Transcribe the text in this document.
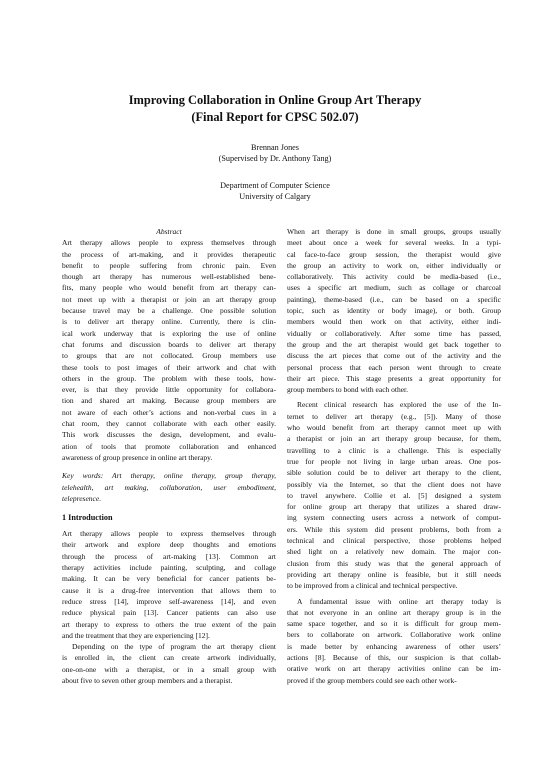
Improving Collaboration in Online Group Art Therapy
(Final Report for CPSC 502.07)
Brennan Jones
(Supervised by Dr. Anthony Tang)
Department of Computer Science
University of Calgary
Abstract
Art therapy allows people to express themselves through
the process of art-making, and it provides therapeutic
benefit to people suffering from chronic pain. Even
though art therapy has numerous well-established bene-
fits, many people who would benefit from art therapy can-
not meet up with a therapist or join an art therapy group
because travel may be a challenge. One possible solution
is to deliver art therapy online. Currently, there is clin-
ical work underway that is exploring the use of online
chat forums and discussion boards to deliver art therapy
to groups that are not collocated. Group members use
these tools to post images of their artwork and chat with
others in the group. The problem with these tools, how-
ever, is that they provide little opportunity for collabora-
tion and shared art making. Because group members are
not aware of each other’s actions and non-verbal cues in a
chat room, they cannot collaborate with each other easily.
This work discusses the design, development, and evalu-
ation of tools that promote collaboration and enhanced
awareness of group presence in online art therapy.
Key words: Art therapy, online therapy, group therapy,
telehealth, art making, collaboration, user embodiment,
telepresence.
1 Introduction
Art therapy allows people to express themselves through
their artwork and explore deep thoughts and emotions
through the process of art-making [13]. Common art
therapy activities include painting, sculpting, and collage
making. It can be very beneficial for cancer patients be-
cause it is a drug-free intervention that allows them to
reduce stress [14], improve self-awareness [14], and even
reduce physical pain [13]. Cancer patients can also use
art therapy to express to others the true extent of the pain
and the treatment that they are experiencing [12].
Depending on the type of program the art therapy client
is enrolled in, the client can create artwork individually,
one-on-one with a therapist, or in a small group with
about five to seven other group members and a therapist.
When art therapy is done in small groups, groups usually
meet about once a week for several weeks. In a typi-
cal face-to-face group session, the therapist would give
the group an activity to work on, either individually or
collaboratively. This activity could be media-based (i.e.,
uses a specific art medium, such as collage or charcoal
painting), theme-based (i.e., can be based on a specific
topic, such as identity or body image), or both. Group
members would then work on that activity, either indi-
vidually or collaboratively. After some time has passed,
the group and the art therapist would get back together to
discuss the art pieces that come out of the activity and the
personal process that each person went through to create
their art piece. This stage presents a great opportunity for
group members to bond with each other.
Recent clinical research has explored the use of the In-
ternet to deliver art therapy (e.g., [5]). Many of those
who would benefit from art therapy cannot meet up with
a therapist or join an art therapy group because, for them,
travelling to a clinic is a challenge. This is especially
true for people not living in large urban areas. One pos-
sible solution could be to deliver art therapy to the client,
possibly via the Internet, so that the client does not have
to travel anywhere. Collie et al. [5] designed a system
for online group art therapy that utilizes a shared draw-
ing system connecting users across a network of comput-
ers. While this system did present problems, both from a
technical and clinical perspective, those problems helped
shed light on a relatively new domain. The major con-
clusion from this study was that the general approach of
providing art therapy online is feasible, but it still needs
to be improved from a clinical and technical perspective.
A fundamental issue with online art therapy today is
that not everyone in an online art therapy group is in the
same space together, and so it is difficult for group mem-
bers to collaborate on artwork. Collaborative work online
is made better by enhancing awareness of other users’
actions [8]. Because of this, our suspicion is that collab-
orative work on art therapy activities online can be im-
proved if the group members could see each other work-
